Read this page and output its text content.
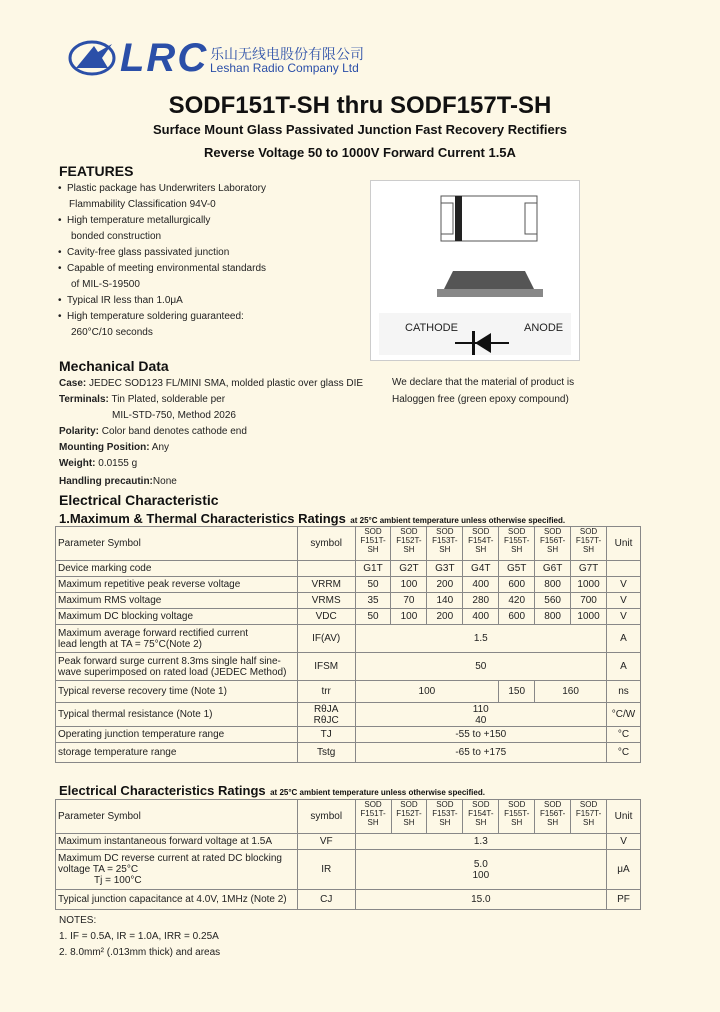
LRC 乐山无线电股份有限公司
Leshan Radio Company Ltd
SODF151T-SH thru SODF157T-SH
Surface Mount Glass Passivated Junction Fast Recovery Rectifiers
Reverse Voltage 50 to 1000V Forward Current 1.5A
FEATURES
• Plastic package has Underwriters Laboratory
Flammability Classification 94V-0
• High temperature metallurgically
bonded construction
• Cavity-free glass passivated junction
• Capable of meeting environmental standards
of MIL-S-19500
• Typical IR less than 1.0μA
• High temperature soldering guaranteed:
260°C/10 seconds	CATHODE	ANODE
Mechanical Data
Case: JEDEC SOD123 FL/MINI SMA, molded plastic over glass DIE
Terminals: Tin Plated, solderable per
MIL-STD-750, Method 2026
Polarity: Color band denotes cathode end
Mounting Position: Any
Weight: 0.0155 g
Handling precautin:None
We declare that the material of product is
Haloggen free (green epoxy compound)
Electrical Characteristic
1.Maximum & Thermal Characteristics Ratings at 25°C ambient temperature unless otherwise specified.
Parameter Symbol	symbol	SOD
F151T-
SH	SOD
F152T-
SH	SOD
F153T-
SH	SOD
F154T-
SH	SOD
F155T-
SH	SOD
F156T-
SH	SOD
F157T-
SH	Unit
Device marking code		G1T	G2T	G3T	G4T	G5T	G6T	G7T	
Maximum repetitive peak reverse voltage	VRRM	50	100	200	400	600	800	1000	V
Maximum RMS voltage	VRMS	35	70	140	280	420	560	700	V
Maximum DC blocking voltage	VDC	50	100	200	400	600	800	1000	V
Maximum average forward rectified current
lead length at TA = 75°C(Note 2)	IF(AV)	1.5							A
Peak forward surge current 8.3ms single half sine-
wave superimposed on rated load (JEDEC Method)	IFSM	50							A
Typical reverse recovery time (Note 1)	trr	100				150	160		ns
Typical thermal resistance (Note 1)	RθJA
RθJC	110
40							°C/W
Operating junction temperature range	TJ	-55 to +150							°C
storage temperature range	Tstg	-65 to +175							°C
Electrical Characteristics Ratings at 25°C ambient temperature unless otherwise specified.
Parameter Symbol	symbol	SOD
F151T-
SH	SOD
F152T-
SH	SOD
F153T-
SH	SOD
F154T-
SH	SOD
F155T-
SH	SOD
F156T-
SH	SOD
F157T-
SH	Unit
Maximum instantaneous forward voltage at 1.5A	VF	1.3							V
Maximum DC reverse current at rated DC blocking
voltage TA = 25°C
Tj = 100°C	IR	5.0
100							μA
Typical junction capacitance at 4.0V, 1MHz (Note 2)	CJ	15.0							PF
NOTES:
1. IF = 0.5A, IR = 1.0A, IRR = 0.25A
2. 8.0mm² (.013mm thick) and areas
